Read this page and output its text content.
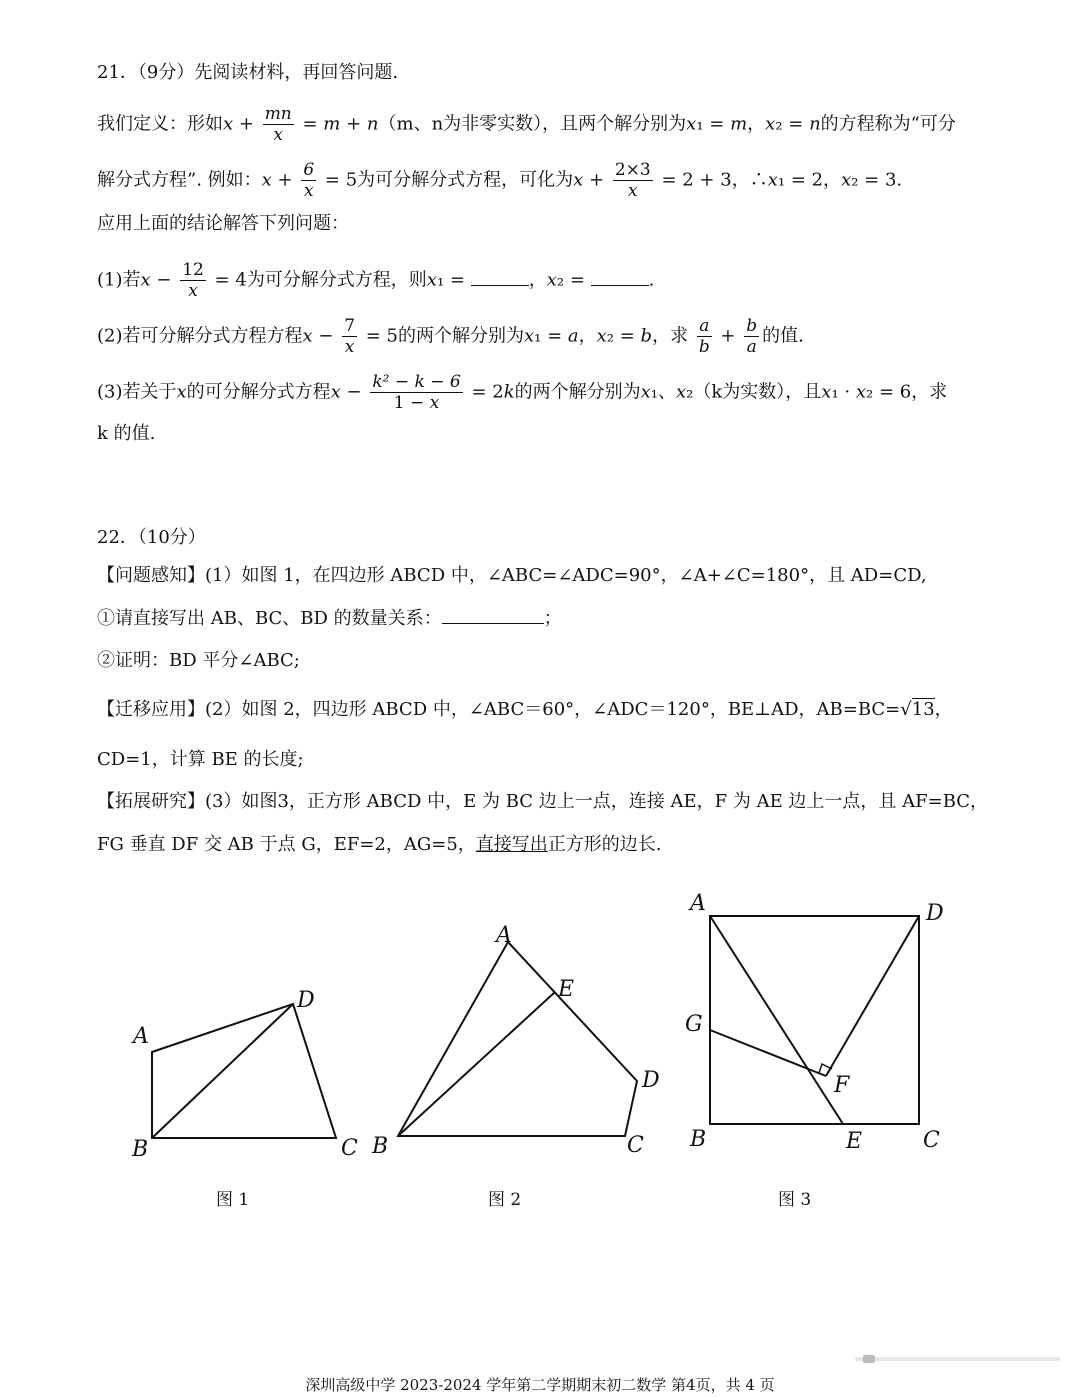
21．（9分）先阅读材料，再回答问题.
我们定义：形如$x + \frac{mn}{x} = m + n(m$、n为非零实数），且两个解分别为x₁ = m，x₂ = n的方程称为“可分
解分式方程”. 例如：$x + \frac{6}{x} = 5$为可分解分式方程，可化为$x + \frac{2\times 3}{x} = 2 + 3$，∴x₁ = 2，x₂ = 3.
应用上面的结论解答下列问题：
(1)若$x - \frac{12}{x} = 4$为可分解分式方程，则x₁ =	，x₂ =	.
(2)若可分解分式方程方程$x - \frac{7}{x} = 5$的两个解分别为x₁ = a，x₂ = b，求 $\frac{a}{b} + \frac{b}{a}$ 的值.
(3)若关于x的可分解分式方程$x - \frac{\text{k² − k − 6}}{1 - x} = 2k$的两个解分别为x₁、x₂（k为实数），且x₁ · x₂ = 6，求
k 的值.
22．（10分）
【问题感知】(1）如图 1，在四边形 ABCD 中，∠ABC=∠ADC=90°，∠A+∠C=180°，且 AD=CD,
①请直接写出 AB、BC、BD 的数量关系：	；
②证明：BD 平分∠ABC;
【迁移应用】(2）如图 2，四边形 ABCD 中，∠ABC＝60°，∠ADC＝120°，BE⊥AD，AB=BC=√13，
CD=1，计算 BE 的长度;
【拓展研究】(3）如图3，正方形 ABCD 中，E 为 BC 边上一点，连接 AE，F 为 AE 边上一点，且 AF=BC，
FG 垂直 DF 交 AB 于点 G，EF=2，AG=5，直接写出正方形的边长.
A
B	C
D
图 1
A
B	C
D
E
图 2
A
B	C
D
E
F
G
图 3
深圳高级中学 2023-2024 学年第二学期期末初二数学 第4页，共 4 页
